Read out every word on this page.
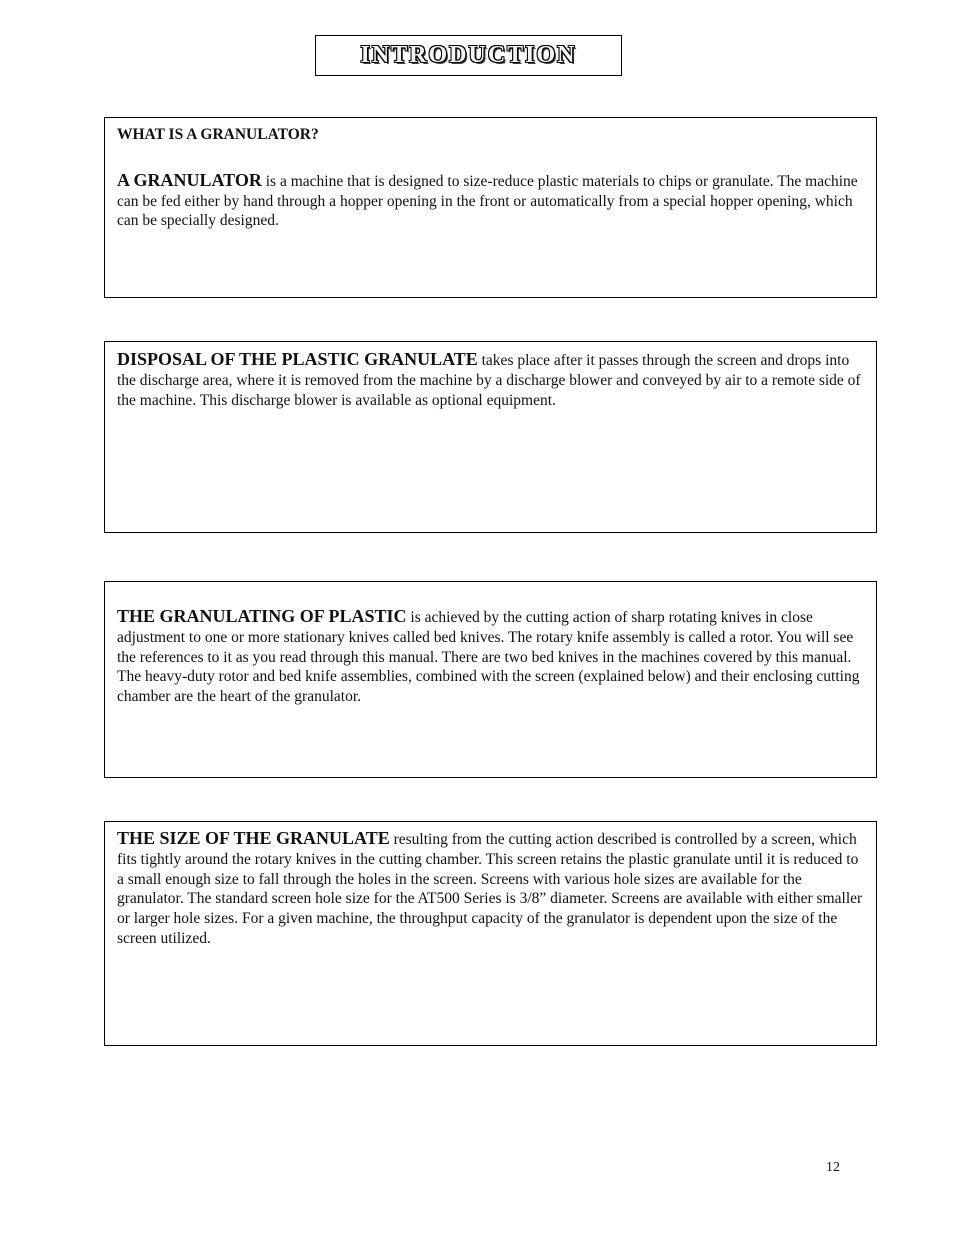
INTRODUCTION

WHAT IS A GRANULATOR?

A GRANULATOR is a machine that is designed to size-reduce plastic materials to chips or granulate. The machine can be fed either by hand through a hopper opening in the front or automatically from a special hopper opening, which can be specially designed.

DISPOSAL OF THE PLASTIC GRANULATE takes place after it passes through the screen and drops into the discharge area, where it is removed from the machine by a discharge blower and conveyed by air to a remote side of the machine. This discharge blower is available as optional equipment.

THE GRANULATING OF PLASTIC is achieved by the cutting action of sharp rotating knives in close adjustment to one or more stationary knives called bed knives. The rotary knife assembly is called a rotor. You will see the references to it as you read through this manual. There are two bed knives in the machines covered by this manual. The heavy-duty rotor and bed knife assemblies, combined with the screen (explained below) and their enclosing cutting chamber are the heart of the granulator.

THE SIZE OF THE GRANULATE resulting from the cutting action described is controlled by a screen, which fits tightly around the rotary knives in the cutting chamber. This screen retains the plastic granulate until it is reduced to a small enough size to fall through the holes in the screen. Screens with various hole sizes are available for the granulator. The standard screen hole size for the AT500 Series is 3/8” diameter. Screens are available with either smaller or larger hole sizes. For a given machine, the throughput capacity of the granulator is dependent upon the size of the screen utilized.

12
